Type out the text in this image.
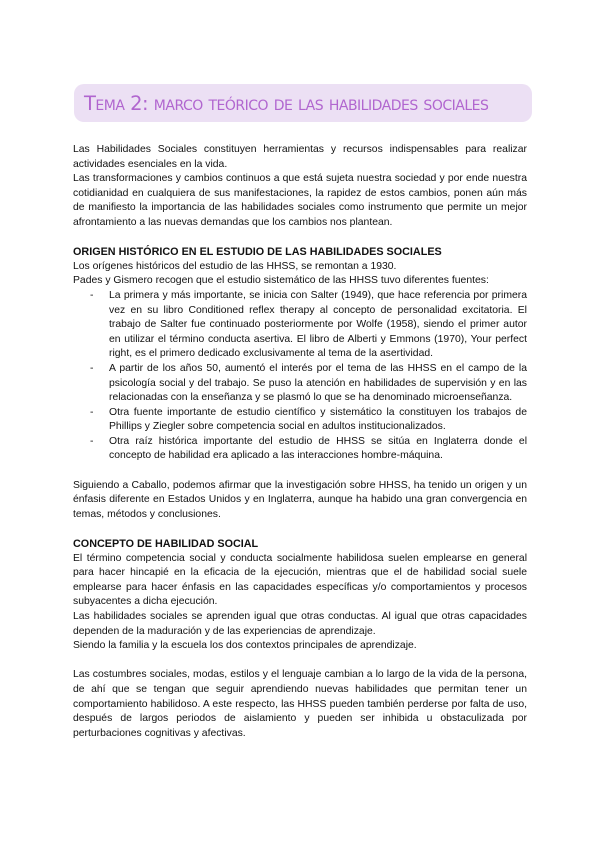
Tema 2: marco teórico de las habilidades sociales

Las Habilidades Sociales constituyen herramientas y recursos indispensables para realizar actividades esenciales en la vida.

Las transformaciones y cambios continuos a que está sujeta nuestra sociedad y por ende nuestra cotidianidad en cualquiera de sus manifestaciones, la rapidez de estos cambios, ponen aún más de manifiesto la importancia de las habilidades sociales como instrumento que permite un mejor afrontamiento a las nuevas demandas que los cambios nos plantean.

ORIGEN HISTÓRICO EN EL ESTUDIO DE LAS HABILIDADES SOCIALES

Los orígenes históricos del estudio de las HHSS, se remontan a 1930.

Pades y Gismero recogen que el estudio sistemático de las HHSS tuvo diferentes fuentes:

- La primera y más importante, se inicia con Salter (1949), que hace referencia por primera vez en su libro Conditioned reflex therapy al concepto de personalidad excitatoria. El trabajo de Salter fue continuado posteriormente por Wolfe (1958), siendo el primer autor en utilizar el término conducta asertiva. El libro de Alberti y Emmons (1970), Your perfect right, es el primero dedicado exclusivamente al tema de la asertividad.
- A partir de los años 50, aumentó el interés por el tema de las HHSS en el campo de la psicología social y del trabajo. Se puso la atención en habilidades de supervisión y en las relacionadas con la enseñanza y se plasmó lo que se ha denominado microenseñanza.
- Otra fuente importante de estudio científico y sistemático la constituyen los trabajos de Phillips y Ziegler sobre competencia social en adultos institucionalizados.
- Otra raíz histórica importante del estudio de HHSS se sitúa en Inglaterra donde el concepto de habilidad era aplicado a las interacciones hombre-máquina.

Siguiendo a Caballo, podemos afirmar que la investigación sobre HHSS, ha tenido un origen y un énfasis diferente en Estados Unidos y en Inglaterra, aunque ha habido una gran convergencia en temas, métodos y conclusiones.

CONCEPTO DE HABILIDAD SOCIAL

El término competencia social y conducta socialmente habilidosa suelen emplearse en general para hacer hincapié en la eficacia de la ejecución, mientras que el de habilidad social suele emplearse para hacer énfasis en las capacidades específicas y/o comportamientos y procesos subyacentes a dicha ejecución.

Las habilidades sociales se aprenden igual que otras conductas. Al igual que otras capacidades dependen de la maduración y de las experiencias de aprendizaje.

Siendo la familia y la escuela los dos contextos principales de aprendizaje.

Las costumbres sociales, modas, estilos y el lenguaje cambian a lo largo de la vida de la persona, de ahí que se tengan que seguir aprendiendo nuevas habilidades que permitan tener un comportamiento habilidoso. A este respecto, las HHSS pueden también perderse por falta de uso, después de largos periodos de aislamiento y pueden ser inhibida u obstaculizada por perturbaciones cognitivas y afectivas.
